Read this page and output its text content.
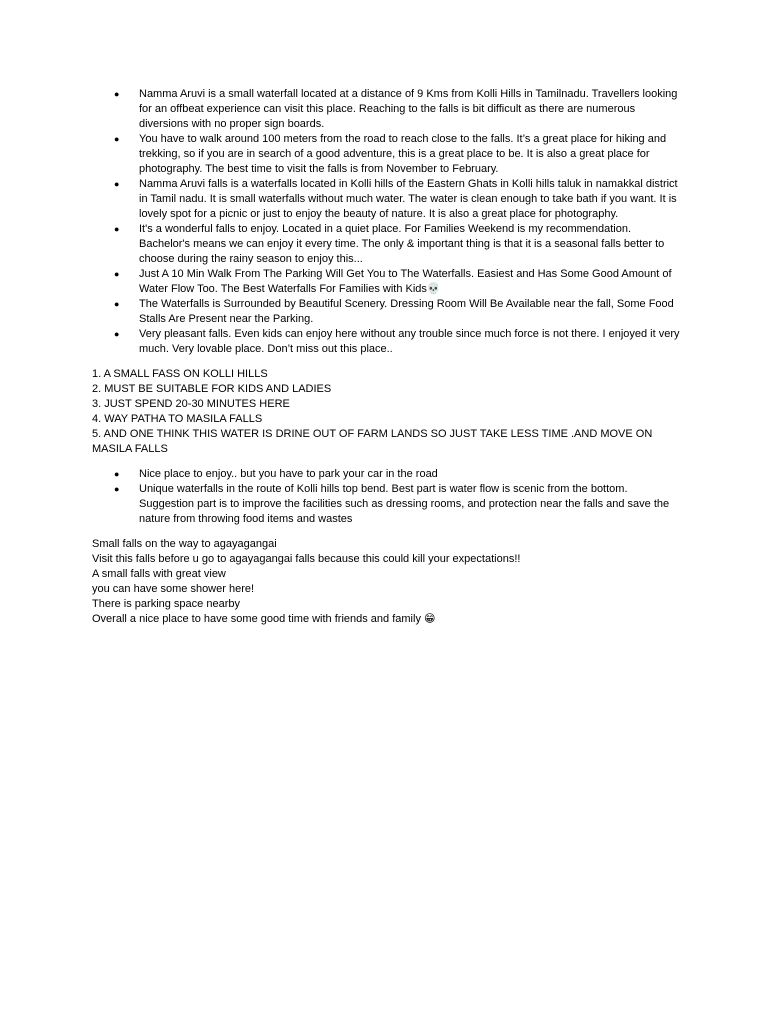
● Namma Aruvi is a small waterfall located at a distance of 9 Kms from Kolli Hills in Tamilnadu. Travellers looking for an offbeat experience can visit this place. Reaching to the falls is bit difficult as there are numerous diversions with no proper sign boards.
● You have to walk around 100 meters from the road to reach close to the falls. It’s a great place for hiking and trekking, so if you are in search of a good adventure, this is a great place to be. It is also a great place for photography. The best time to visit the falls is from November to February.
● Namma Aruvi falls is a waterfalls located in Kolli hills of the Eastern Ghats in Kolli hills taluk in namakkal district in Tamil nadu. It is small waterfalls without much water. The water is clean enough to take bath if you want. It is lovely spot for a picnic or just to enjoy the beauty of nature. It is also a great place for photography.
● It's a wonderful falls to enjoy. Located in a quiet place. For Families Weekend is my recommendation. Bachelor's means we can enjoy it every time. The only & important thing is that it is a seasonal falls better to choose during the rainy season to enjoy this...
● Just A 10 Min Walk From The Parking Will Get You to The Waterfalls. Easiest and Has Some Good Amount of Water Flow Too. The Best Waterfalls For Families with Kids💀
● The Waterfalls is Surrounded by Beautiful Scenery. Dressing Room Will Be Available near the fall, Some Food Stalls Are Present near the Parking.
● Very pleasant falls. Even kids can enjoy here without any trouble since much force is not there. I enjoyed it very much. Very lovable place. Don’t miss out this place..
1. A SMALL FASS ON KOLLI HILLS
2. MUST BE SUITABLE FOR KIDS AND LADIES
3. JUST SPEND 20-30 MINUTES HERE
4. WAY PATHA TO MASILA FALLS
5. AND ONE THINK THIS WATER IS DRINE OUT OF FARM LANDS SO JUST TAKE LESS TIME .AND MOVE ON MASILA FALLS
● Nice place to enjoy.. but you have to park your car in the road
● Unique waterfalls in the route of Kolli hills top bend. Best part is water flow is scenic from the bottom. Suggestion part is to improve the facilities such as dressing rooms, and protection near the falls and save the nature from throwing food items and wastes
Small falls on the way to agayagangai
Visit this falls before u go to agayagangai falls because this could kill your expectations!!
A small falls with great view
you can have some shower here!
There is parking space nearby
Overall a nice place to have some good time with friends and family 😁
